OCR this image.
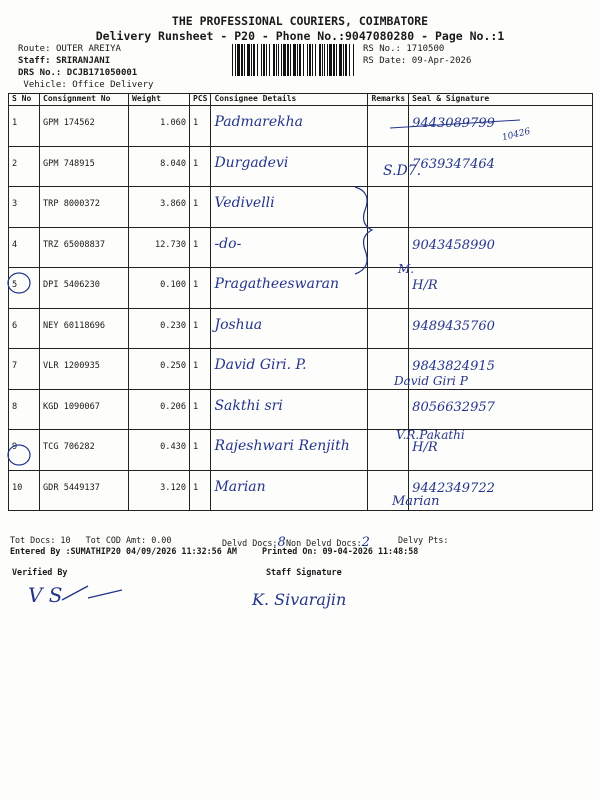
THE PROFESSIONAL COURIERS, COIMBATORE
Delivery Runsheet - P20 - Phone No.:9047080280 - Page No.:1
Route: OUTER AREIYA
Staff: SRIRANJANI
DRS No.: DCJB171050001
Vehicle: Office Delivery
RS No.: 1710500
RS Date: 09-Apr-2026
S No	Consignment No	Weight	PCS	Consignee Details	Remarks	Seal & Signature
1	GPM 174562	1.060	1	Padmarekha		9443089799
2	GPM 748915	8.040	1	Durgadevi		7639347464
3	TRP 8000372	3.860	1	Vedivelli		
4	TRZ 65008837	12.730	1	-do-		9043458990
5	DPI 5406230	0.100	1	Pragatheeswaran		H/R
6	NEY 60118696	0.230	1	Joshua		9489435760
7	VLR 1200935	0.250	1	David Giri. P.		9843824915
8	KGD 1090067	0.206	1	Sakthi sri		8056632957
9	TCG 706282	0.430	1	Rajeshwari Renjith		H/R
10	GDR 5449137	3.120	1	Marian		9442349722
10426
S.D7.
M.
David Giri P
V.R.Pakathi
Marian
Tot Docs: 10 Tot COD Amt: 0.00	Delvd Docs:8 Non Delvd Docs:2	Delvy Pts:
Entered By :SUMATHIP20 04/09/2026 11:32:56 AM	Printed On: 09-04-2026 11:48:58
Verified By	Staff Signature
V S	K. Sivarajin
